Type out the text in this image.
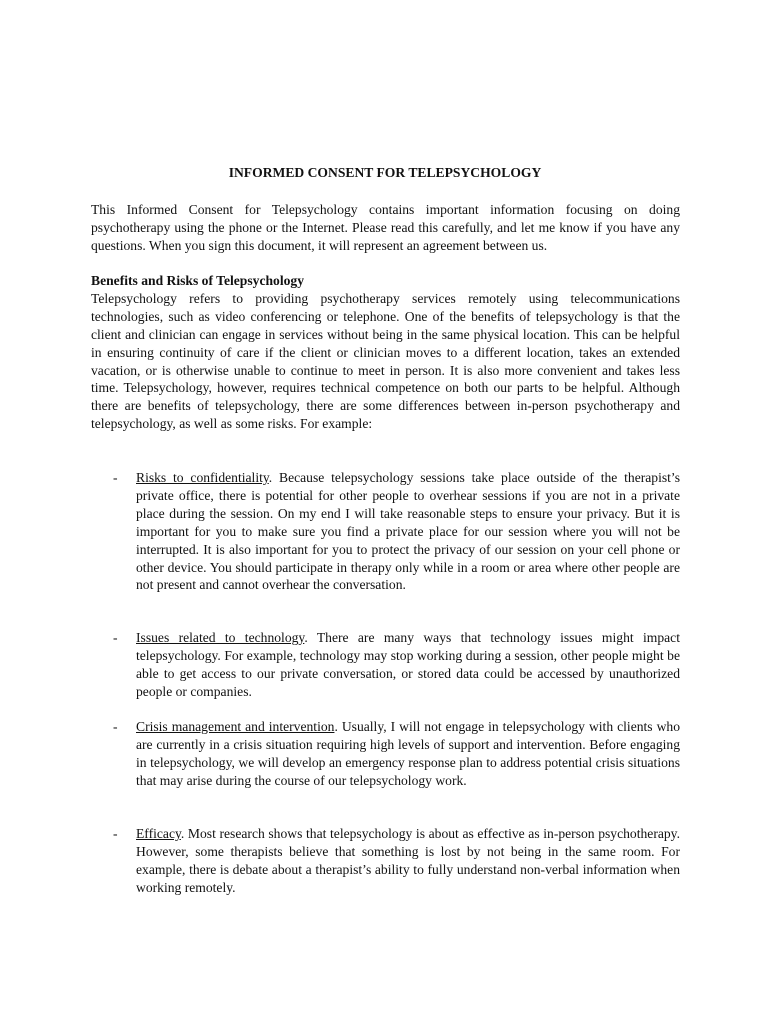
INFORMED CONSENT FOR TELEPSYCHOLOGY

This Informed Consent for Telepsychology contains important information focusing on doing psychotherapy using the phone or the Internet. Please read this carefully, and let me know if you have any questions. When you sign this document, it will represent an agreement between us.

Benefits and Risks of Telepsychology

Telepsychology refers to providing psychotherapy services remotely using telecommunications technologies, such as video conferencing or telephone. One of the benefits of telepsychology is that the client and clinician can engage in services without being in the same physical location. This can be helpful in ensuring continuity of care if the client or clinician moves to a different location, takes an extended vacation, or is otherwise unable to continue to meet in person. It is also more convenient and takes less time. Telepsychology, however, requires technical competence on both our parts to be helpful. Although there are benefits of telepsychology, there are some differences between in-person psychotherapy and telepsychology, as well as some risks. For example:

- Risks to confidentiality. Because telepsychology sessions take place outside of the therapist’s private office, there is potential for other people to overhear sessions if you are not in a private place during the session. On my end I will take reasonable steps to ensure your privacy. But it is important for you to make sure you find a private place for our session where you will not be interrupted. It is also important for you to protect the privacy of our session on your cell phone or other device. You should participate in therapy only while in a room or area where other people are not present and cannot overhear the conversation.
- Issues related to technology. There are many ways that technology issues might impact telepsychology. For example, technology may stop working during a session, other people might be able to get access to our private conversation, or stored data could be accessed by unauthorized people or companies.
- Crisis management and intervention. Usually, I will not engage in telepsychology with clients who are currently in a crisis situation requiring high levels of support and intervention. Before engaging in telepsychology, we will develop an emergency response plan to address potential crisis situations that may arise during the course of our telepsychology work.
- Efficacy. Most research shows that telepsychology is about as effective as in-person psychotherapy. However, some therapists believe that something is lost by not being in the same room. For example, there is debate about a therapist’s ability to fully understand non-verbal information when working remotely.
